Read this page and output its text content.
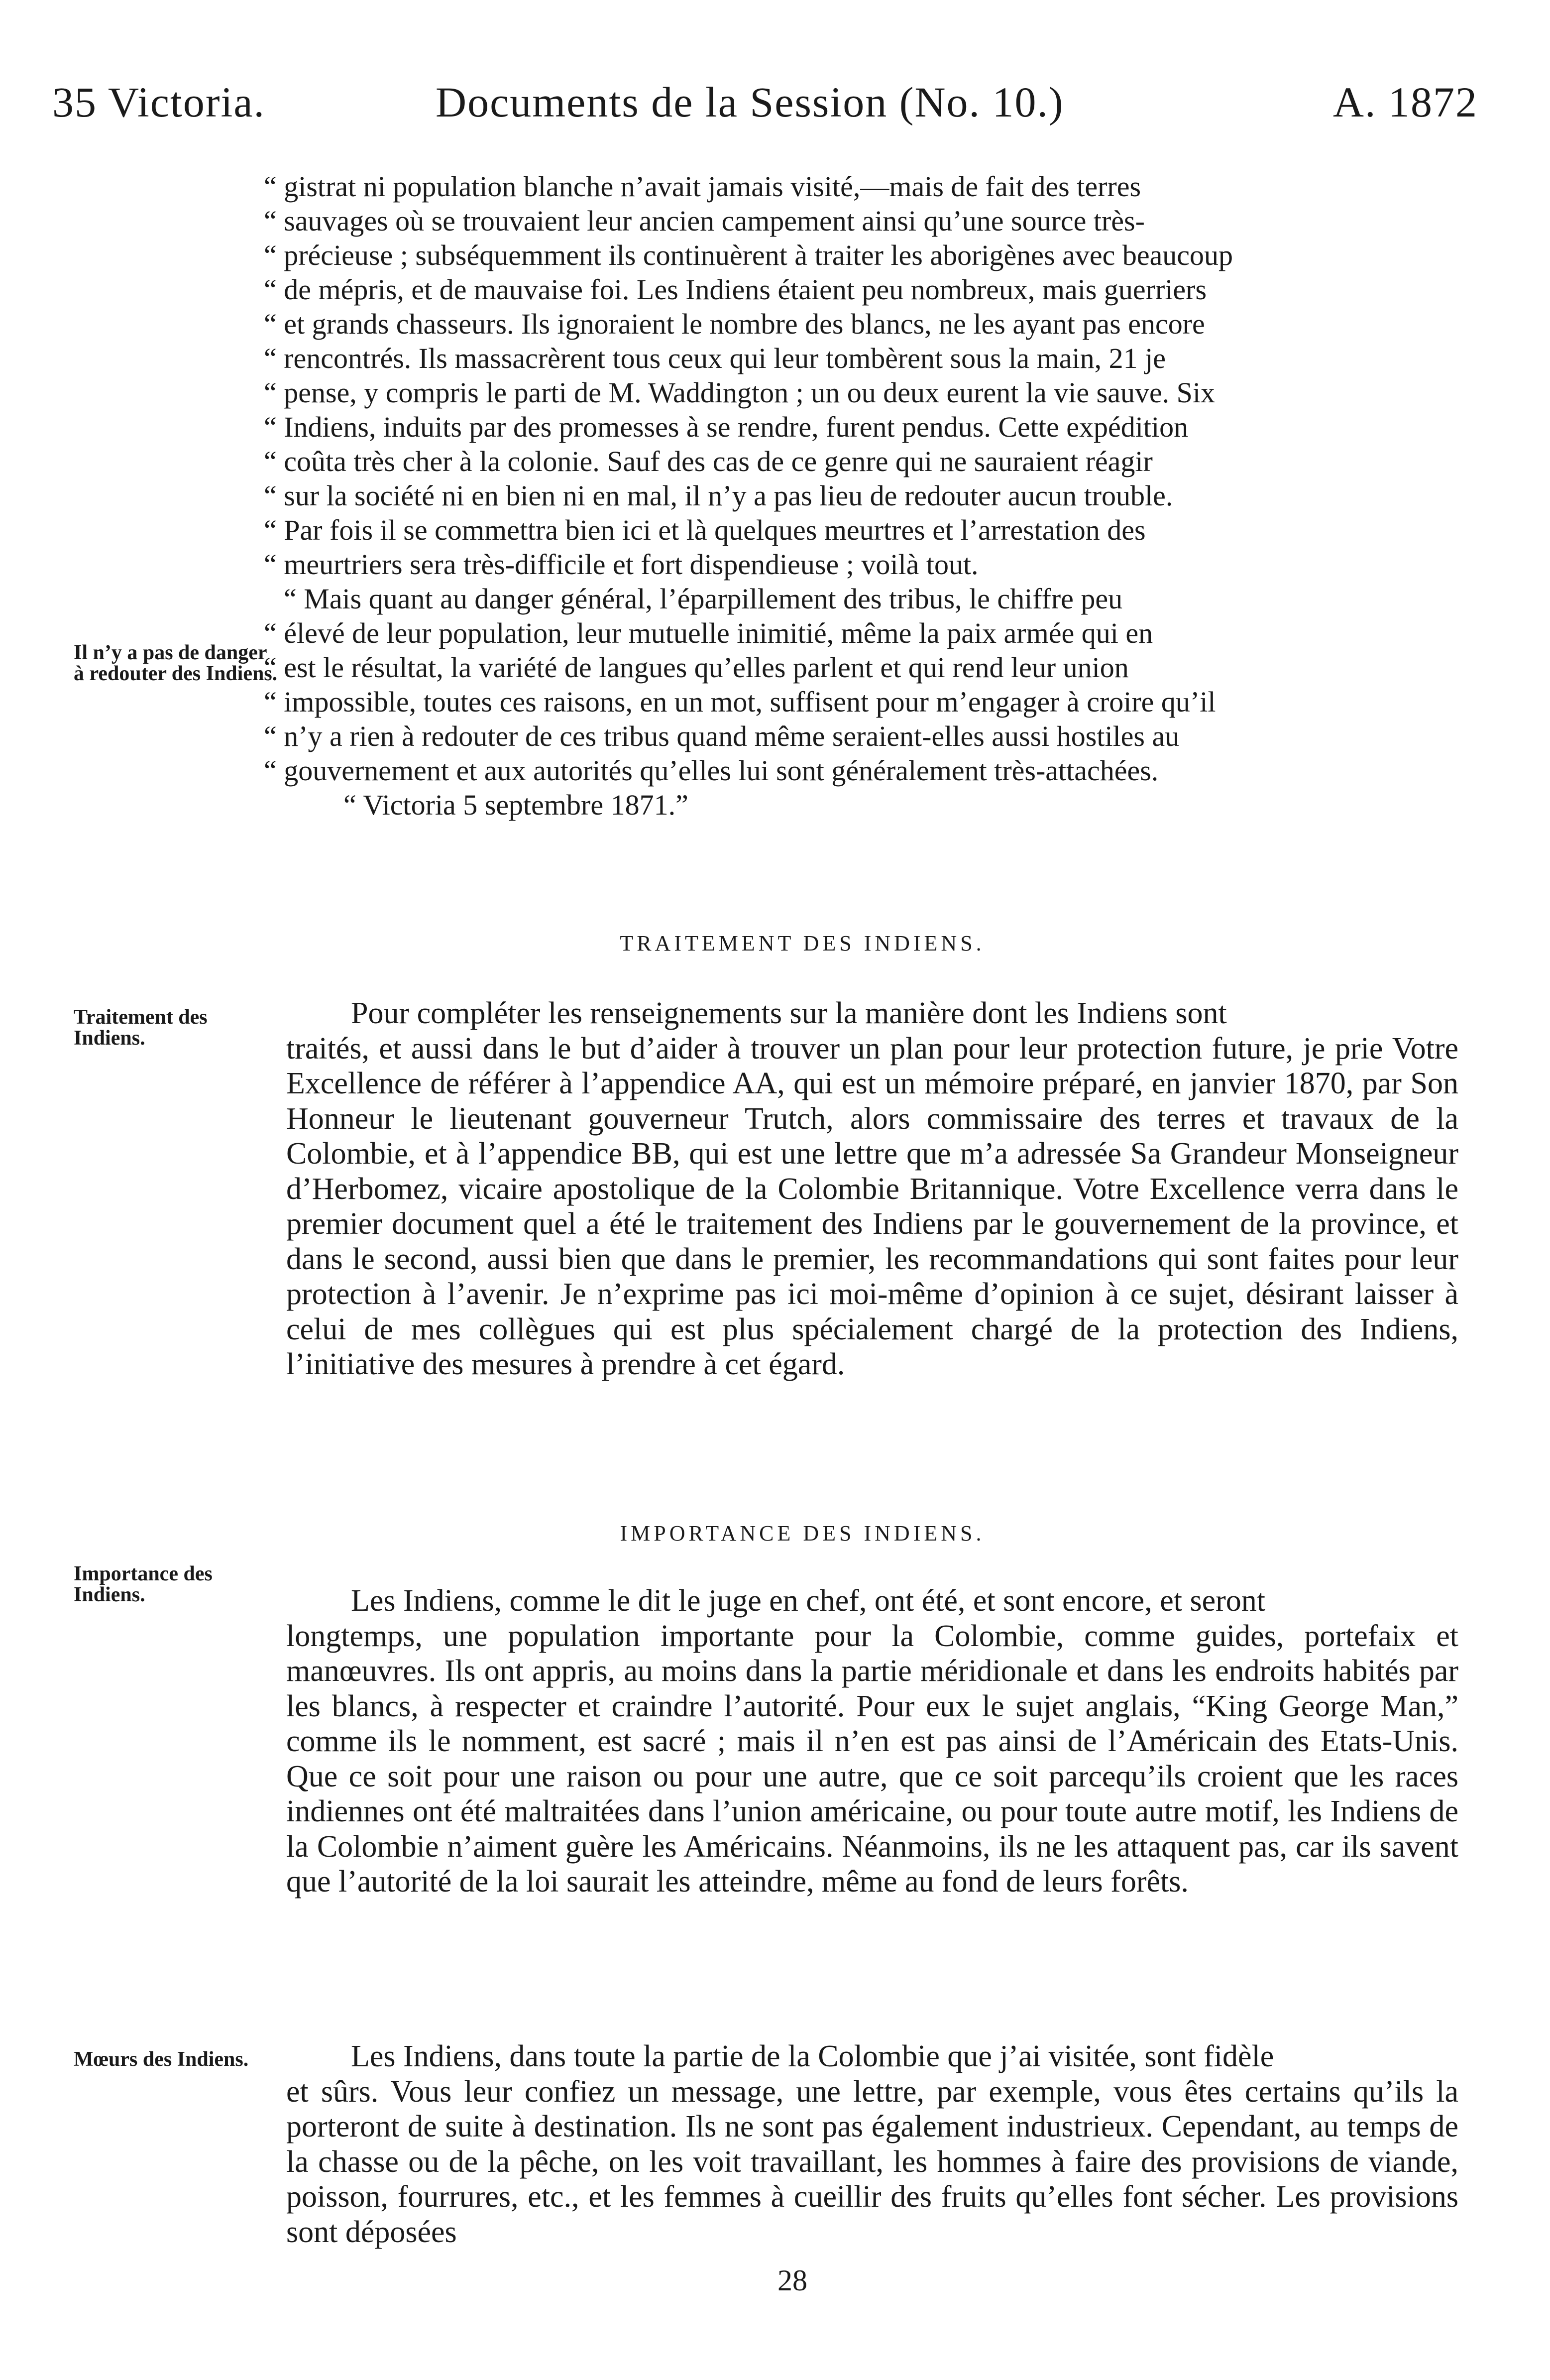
35 Victoria.	Documents de la Session (No. 10.)	A. 1872
“ gistrat ni population blanche n’avait jamais visité,—mais de fait des terres
“ sauvages où se trouvaient leur ancien campement ainsi qu’une source très-
“ précieuse ; subséquemment ils continuèrent à traiter les aborigènes avec beaucoup
“ de mépris, et de mauvaise foi. Les Indiens étaient peu nombreux, mais guerriers
“ et grands chasseurs. Ils ignoraient le nombre des blancs, ne les ayant pas encore
“ rencontrés. Ils massacrèrent tous ceux qui leur tombèrent sous la main, 21 je
“ pense, y compris le parti de M. Waddington ; un ou deux eurent la vie sauve. Six
“ Indiens, induits par des promesses à se rendre, furent pendus. Cette expédition
“ coûta très cher à la colonie. Sauf des cas de ce genre qui ne sauraient réagir
“ sur la société ni en bien ni en mal, il n’y a pas lieu de redouter aucun trouble.
“ Par fois il se commettra bien ici et là quelques meurtres et l’arrestation des
“ meurtriers sera très-difficile et fort dispendieuse ; voilà tout.
“ Mais quant au danger général, l’éparpillement des tribus, le chiffre peu
“ élevé de leur population, leur mutuelle inimitié, même la paix armée qui en
“ est le résultat, la variété de langues qu’elles parlent et qui rend leur union
“ impossible, toutes ces raisons, en un mot, suffisent pour m’engager à croire qu’il
“ n’y a rien à redouter de ces tribus quand même seraient-elles aussi hostiles au
“ gouvernement et aux autorités qu’elles lui sont généralement très-attachées.
“ Victoria 5 septembre 1871.”
Il n’y a pas de danger à redouter des Indiens.
TRAITEMENT DES INDIENS.
Traitement des Indiens.
Pour compléter les renseignements sur la manière dont les Indiens sont
traités, et aussi dans le but d’aider à trouver un plan pour leur protection future, je prie Votre Excellence de référer à l’appendice AA, qui est un mémoire préparé, en janvier 1870, par Son Honneur le lieutenant gouverneur Trutch, alors commissaire des terres et travaux de la Colombie, et à l’appendice BB, qui est une lettre que m’a adressée Sa Grandeur Monseigneur d’Herbomez, vicaire apostolique de la Colombie Britannique. Votre Excellence verra dans le premier document quel a été le traitement des Indiens par le gouvernement de la province, et dans le second, aussi bien que dans le premier, les recommandations qui sont faites pour leur protection à l’avenir. Je n’exprime pas ici moi-même d’opinion à ce sujet, désirant laisser à celui de mes collègues qui est plus spécialement chargé de la protection des Indiens, l’initiative des mesures à prendre à cet égard.
IMPORTANCE DES INDIENS.
Importance des Indiens.	Les Indiens, comme le dit le juge en chef, ont été, et sont encore, et seront
longtemps, une population importante pour la Colombie, comme guides, portefaix et manœuvres. Ils ont appris, au moins dans la partie méridionale et dans les endroits habités par les blancs, à respecter et craindre l’autorité. Pour eux le sujet anglais, “King George Man,” comme ils le nomment, est sacré ; mais il n’en est pas ainsi de l’Américain des Etats-Unis. Que ce soit pour une raison ou pour une autre, que ce soit parcequ’ils croient que les races indiennes ont été maltraitées dans l’union américaine, ou pour toute autre motif, les Indiens de la Colombie n’aiment guère les Américains. Néanmoins, ils ne les attaquent pas, car ils savent que l’autorité de la loi saurait les atteindre, même au fond de leurs forêts.
Mœurs des Indiens.	Les Indiens, dans toute la partie de la Colombie que j’ai visitée, sont fidèle
et sûrs. Vous leur confiez un message, une lettre, par exemple, vous êtes certains qu’ils la porteront de suite à destination. Ils ne sont pas également industrieux. Cependant, au temps de la chasse ou de la pêche, on les voit travaillant, les hommes à faire des provisions de viande, poisson, fourrures, etc., et les femmes à cueillir des fruits qu’elles font sécher. Les provisions sont déposées
28
